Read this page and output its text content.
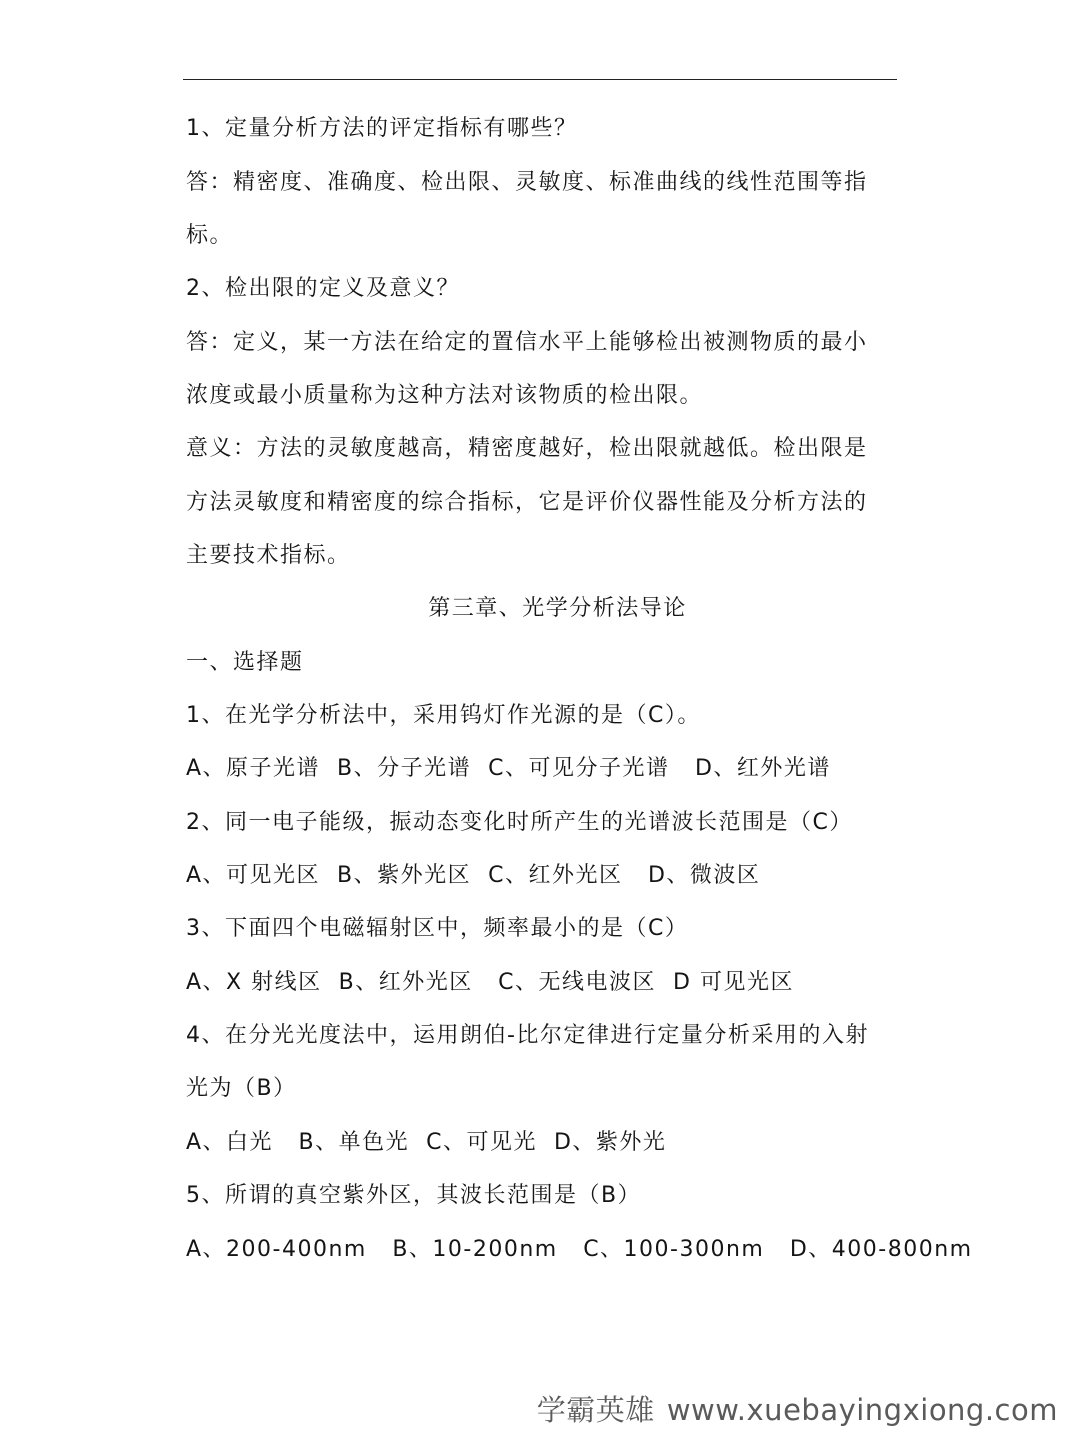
1、定量分析方法的评定指标有哪些？
答：精密度、准确度、检出限、灵敏度、标准曲线的线性范围等指
标。
2、检出限的定义及意义？
答：定义，某一方法在给定的置信水平上能够检出被测物质的最小
浓度或最小质量称为这种方法对该物质的检出限。
意义：方法的灵敏度越高，精密度越好，检出限就越低。检出限是
方法灵敏度和精密度的综合指标，它是评价仪器性能及分析方法的
主要技术指标。
第三章、光学分析法导论
一、选择题
1、在光学分析法中，采用钨灯作光源的是（C）。
A、原子光谱  B、分子光谱  C、可见分子光谱   D、红外光谱
2、同一电子能级，振动态变化时所产生的光谱波长范围是（C）
A、可见光区  B、紫外光区  C、红外光区   D、微波区
3、下面四个电磁辐射区中，频率最小的是（C）
A、X 射线区  B、红外光区   C、无线电波区  D 可见光区
4、在分光光度法中，运用朗伯-比尔定律进行定量分析采用的入射
光为（B）
A、白光   B、单色光  C、可见光  D、紫外光
5、所谓的真空紫外区，其波长范围是（B）
A、200-400nm   B、10-200nm   C、100-300nm   D、400-800nm
学霸英雄 www.xuebayingxiong.com
